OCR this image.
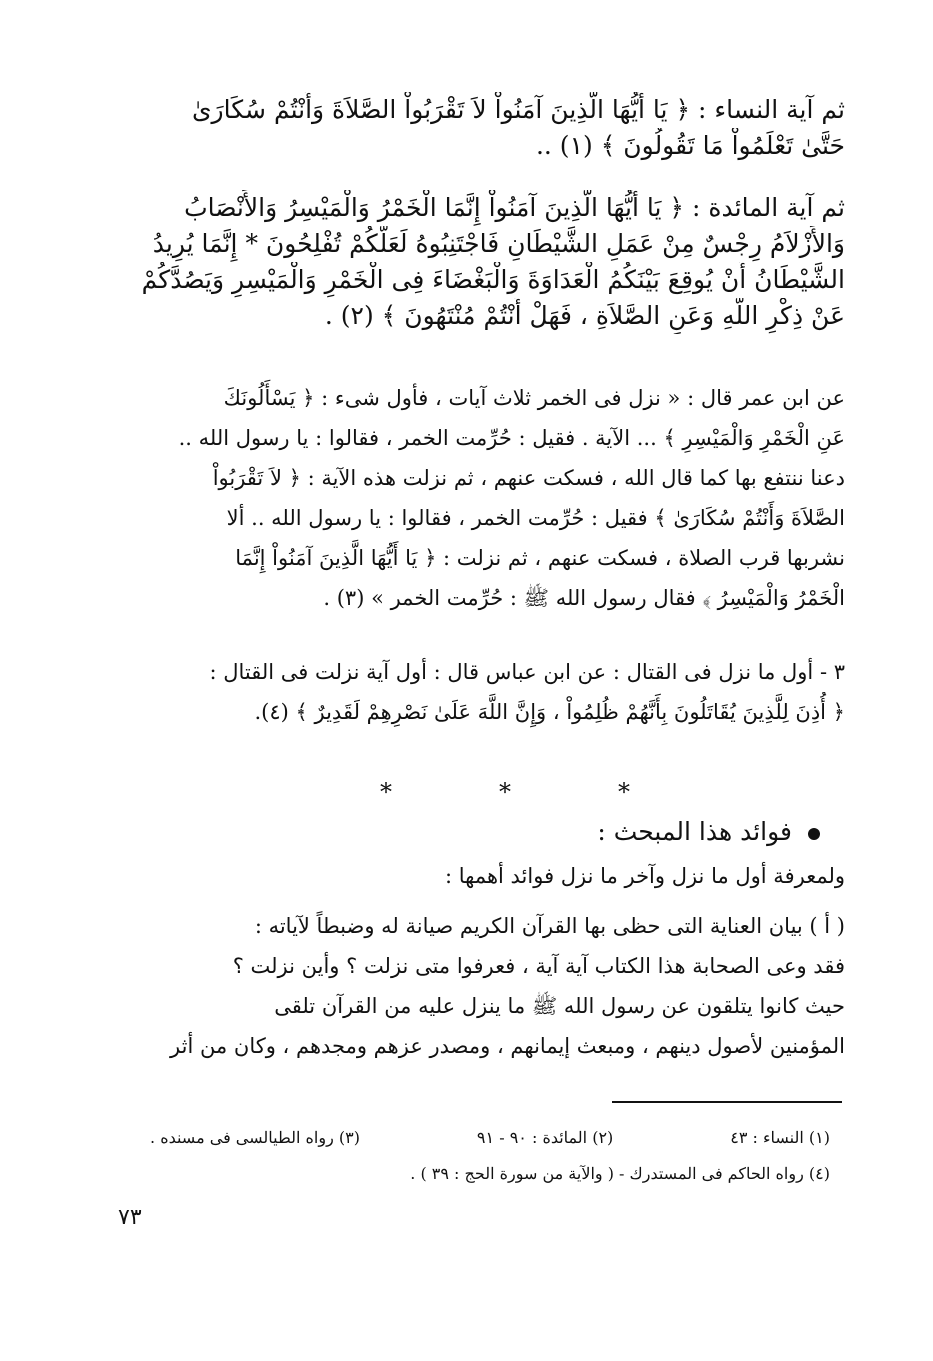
ثم آية النساء : ﴿ يَا أَيُّهَا الَّذِينَ آمَنُواْ لاَ تَقْرَبُواْ الصَّلاَةَ وَأَنْتُمْ سُكَارَىٰ
حَتَّىٰ تَعْلَمُواْ مَا تَقُولُونَ ﴾ (١) ..
ثم آية المائدة : ﴿ يَا أَيُّهَا الَّذِينَ آمَنُواْ إِنَّمَا الْخَمْرُ وَالْمَيْسِرُ وَالأَنْصَابُ
وَالأَزْلاَمُ رِجْسٌ مِنْ عَمَلِ الشَّيْطَانِ فَاجْتَنِبُوهُ لَعَلَّكُمْ تُفْلِحُونَ * إِنَّمَا يُرِيدُ
الشَّيْطَانُ أَنْ يُوقِعَ بَيْنَكُمُ الْعَدَاوَةَ وَالْبَغْضَاءَ فِى الْخَمْرِ وَالْمَيْسِرِ وَيَصُدَّكُمْ
عَنْ ذِكْرِ اللَّهِ وَعَنِ الصَّلاَةِ ، فَهَلْ أَنْتُمْ مُنْتَهُونَ ﴾ (٢) .
عن ابن عمر قال : « نزل فى الخمر ثلاث آيات ، فأول شىء : ﴿ يَسْأَلُونَكَ
عَنِ الْخَمْرِ وَالْمَيْسِرِ ﴾ ... الآية . فقيل : حُرِّمت الخمر ، فقالوا : يا رسول الله ..
دعنا ننتفع بها كما قال الله ، فسكت عنهم ، ثم نزلت هذه الآية : ﴿ لاَ تَقْرَبُواْ
الصَّلاَةَ وَأَنْتُمْ سُكَارَىٰ ﴾ فقيل : حُرِّمت الخمر ، فقالوا : يا رسول الله .. ألا
نشربها قرب الصلاة ، فسكت عنهم ، ثم نزلت : ﴿ يَا أَيُّهَا الَّذِينَ آمَنُواْ إِنَّمَا
الْخَمْرُ وَالْمَيْسِرُ ﴾ فقال رسول الله ﷺ : حُرِّمت الخمر » (٣) .
٣ - أول ما نزل فى القتال : عن ابن عباس قال : أول آية نزلت فى القتال :
﴿ أُذِنَ لِلَّذِينَ يُقَاتَلُونَ بِأَنَّهُمْ ظُلِمُواْ ، وَإِنَّ اللَّهَ عَلَىٰ نَصْرِهِمْ لَقَدِيرٌ ﴾ (٤).
*	*	*
فوائد هذا المبحث :
ولمعرفة أول ما نزل وآخر ما نزل فوائد أهمها :
( أ ) بيان العناية التى حظى بها القرآن الكريم صيانة له وضبطاً لآياته :
فقد وعى الصحابة هذا الكتاب آية آية ، فعرفوا متى نزلت ؟ وأين نزلت ؟
حيث كانوا يتلقون عن رسول الله ﷺ ما ينزل عليه من القرآن تلقى
المؤمنين لأصول دينهم ، ومبعث إيمانهم ، ومصدر عزهم ومجدهم ، وكان من أثر
(١) النساء : ٤٣
(٢) المائدة : ٩٠ - ٩١
(٣) رواه الطيالسى فى مسنده .
(٤) رواه الحاكم فى المستدرك - ( والآية من سورة الحج : ٣٩ ) .
٧٣
